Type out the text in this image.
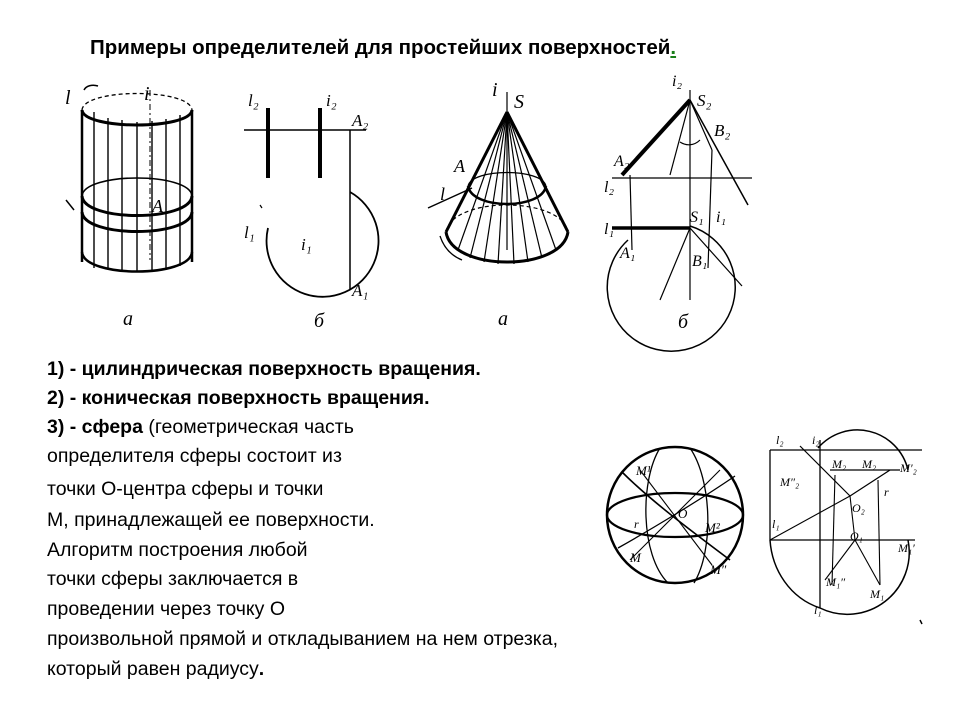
Примеры определителей для простейших поверхностей.
l	i
A
а
l₂	i₂
A₂
l₁
i₁
A₁
б
i
S
A
l
а
i₂
S₂
B₂
A₂
l₂
l₁
A₁
S₁ i₁
B₁
б
M¹
O
M²
M
M″
r
l₂ i₂
M₂
M″₂
M₂ M′₂
O₂
r
l₁
O₁
M₁′
M₁″
M₁
l₁
1) - цилиндрическая поверхность вращения.
2) - коническая поверхность вращения.
3) - сфера (геометрическая часть
определителя сферы состоит из
точки О-центра сферы и точки
М, принадлежащей ее поверхности.
Алгоритм построения любой
точки сферы заключается в
проведении через точку О
произвольной прямой и откладыванием на нем отрезка,
который равен радиусу.
